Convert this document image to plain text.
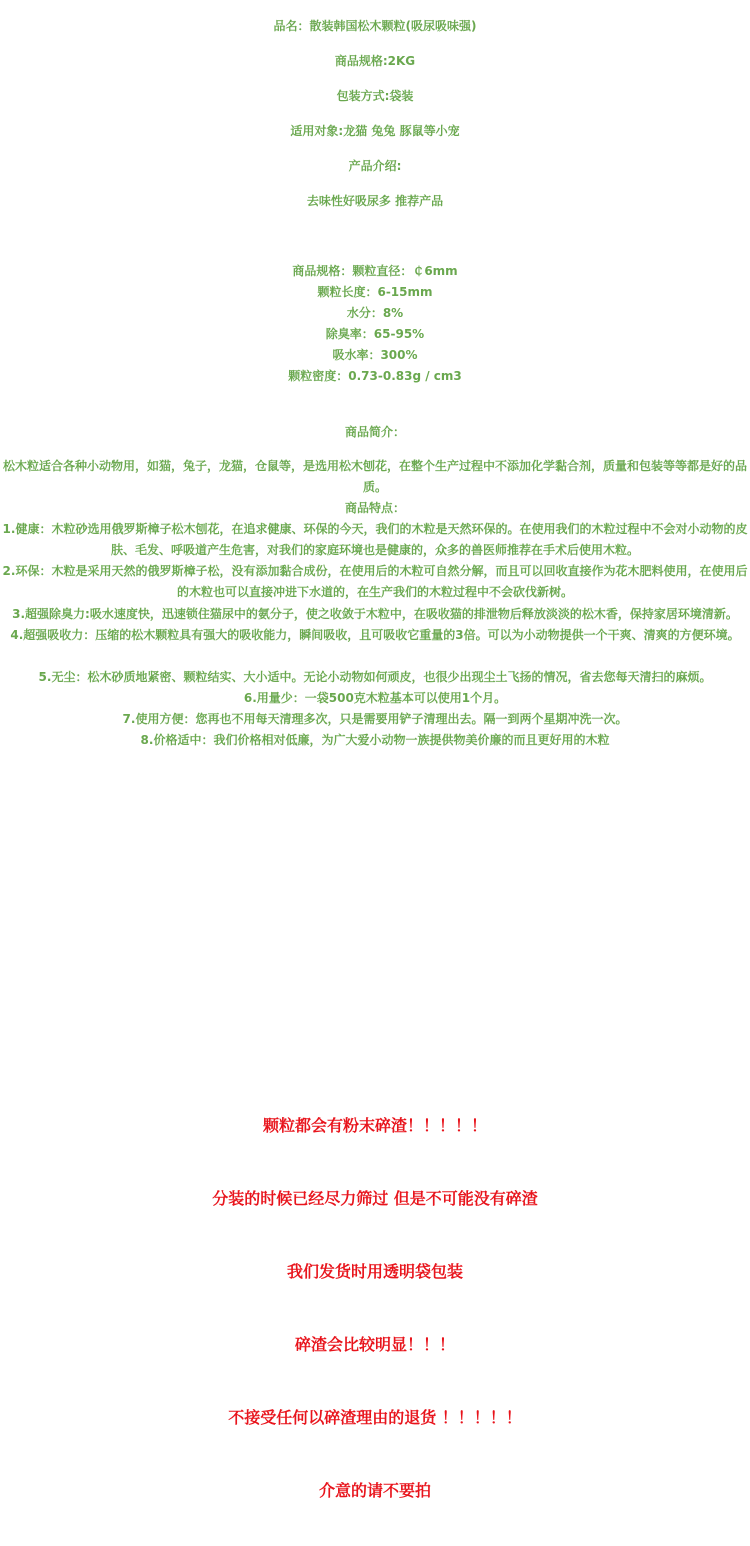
品名：散装韩国松木颗粒(吸尿吸味强)
商品规格:2KG
包装方式:袋装
适用对象:龙猫 兔兔 豚鼠等小宠
产品介绍:
去味性好吸尿多 推荐产品
商品规格：颗粒直径：￠6mm
颗粒长度：6-15mm
水分：8%
除臭率：65-95%
吸水率：300%
颗粒密度：0.73-0.83g / cm3
商品简介：
松木粒适合各种小动物用，如猫，兔子，龙猫，仓鼠等，是选用松木刨花，在整个生产过程中不添加化学黏合剂，质量和包装等等都是好的品质。
商品特点：
1.健康：木粒砂选用俄罗斯樟子松木刨花，在追求健康、环保的今天，我们的木粒是天然环保的。在使用我们的木粒过程中不会对小动物的皮肤、毛发、呼吸道产生危害，对我们的家庭环境也是健康的，众多的兽医师推荐在手术后使用木粒。
2.环保：木粒是采用天然的俄罗斯樟子松，没有添加黏合成份，在使用后的木粒可自然分解，而且可以回收直接作为花木肥料使用，在使用后的木粒也可以直接冲进下水道的，在生产我们的木粒过程中不会砍伐新树。
3.超强除臭力:吸水速度快，迅速锁住猫尿中的氨分子，使之收敛于木粒中，在吸收猫的排泄物后释放淡淡的松木香，保持家居环境清新。
4.超强吸收力：压缩的松木颗粒具有强大的吸收能力，瞬间吸收，且可吸收它重量的3倍。可以为小动物提供一个干爽、清爽的方便环境。
5.无尘：松木砂质地紧密、颗粒结实、大小适中。无论小动物如何顽皮，也很少出现尘土飞扬的情况，省去您每天清扫的麻烦。
6.用量少：一袋500克木粒基本可以使用1个月。
7.使用方便：您再也不用每天清理多次，只是需要用铲子清理出去。隔一到两个星期冲洗一次。
8.价格适中：我们价格相对低廉，为广大爱小动物一族提供物美价廉的而且更好用的木粒
颗粒都会有粉末碎渣！！！！！
分装的时候已经尽力筛过 但是不可能没有碎渣
我们发货时用透明袋包装
碎渣会比较明显！！！
不接受任何以碎渣理由的退货 ！！！！！
介意的请不要拍
